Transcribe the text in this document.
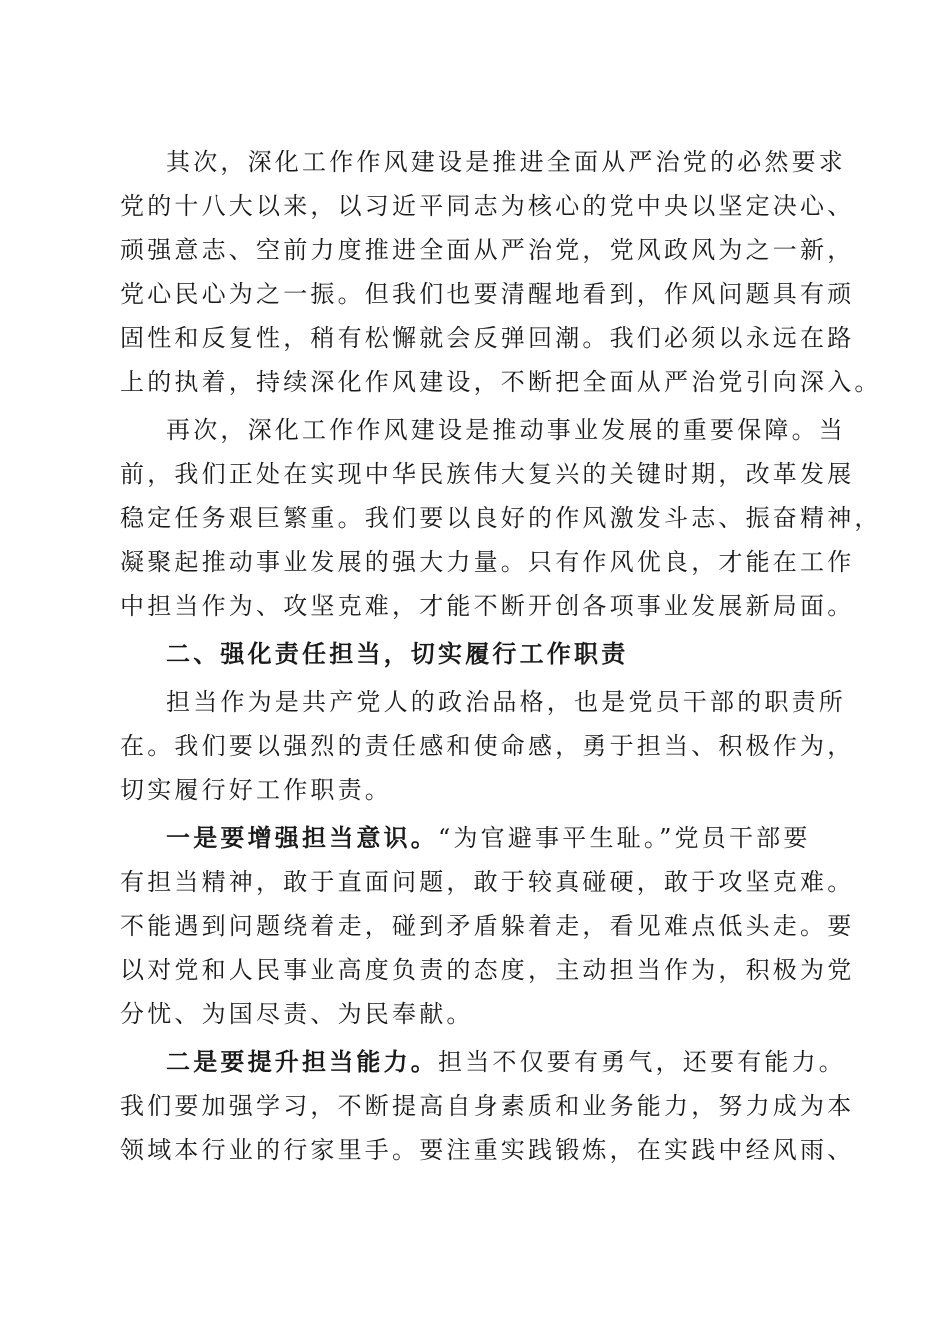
其次，深化工作作风建设是推进全面从严治党的必然要求

党的十八大以来，以习近平同志为核心的党中央以坚定决心、

顽强意志、空前力度推进全面从严治党，党风政风为之一新，

党心民心为之一振。但我们也要清醒地看到，作风问题具有顽

固性和反复性，稍有松懈就会反弹回潮。我们必须以永远在路

上的执着，持续深化作风建设，不断把全面从严治党引向深入。

再次，深化工作作风建设是推动事业发展的重要保障。当

前，我们正处在实现中华民族伟大复兴的关键时期，改革发展

稳定任务艰巨繁重。我们要以良好的作风激发斗志、振奋精神，

凝聚起推动事业发展的强大力量。只有作风优良，才能在工作

中担当作为、攻坚克难，才能不断开创各项事业发展新局面。

二、强化责任担当，切实履行工作职责

担当作为是共产党人的政治品格，也是党员干部的职责所

在。我们要以强烈的责任感和使命感，勇于担当、积极作为，

切实履行好工作职责。

一是要增强担当意识。“为官避事平生耻。”党员干部要

有担当精神，敢于直面问题，敢于较真碰硬，敢于攻坚克难。

不能遇到问题绕着走，碰到矛盾躲着走，看见难点低头走。要

以对党和人民事业高度负责的态度，主动担当作为，积极为党

分忧、为国尽责、为民奉献。

二是要提升担当能力。担当不仅要有勇气，还要有能力。

我们要加强学习，不断提高自身素质和业务能力，努力成为本

领域本行业的行家里手。要注重实践锻炼，在实践中经风雨、
